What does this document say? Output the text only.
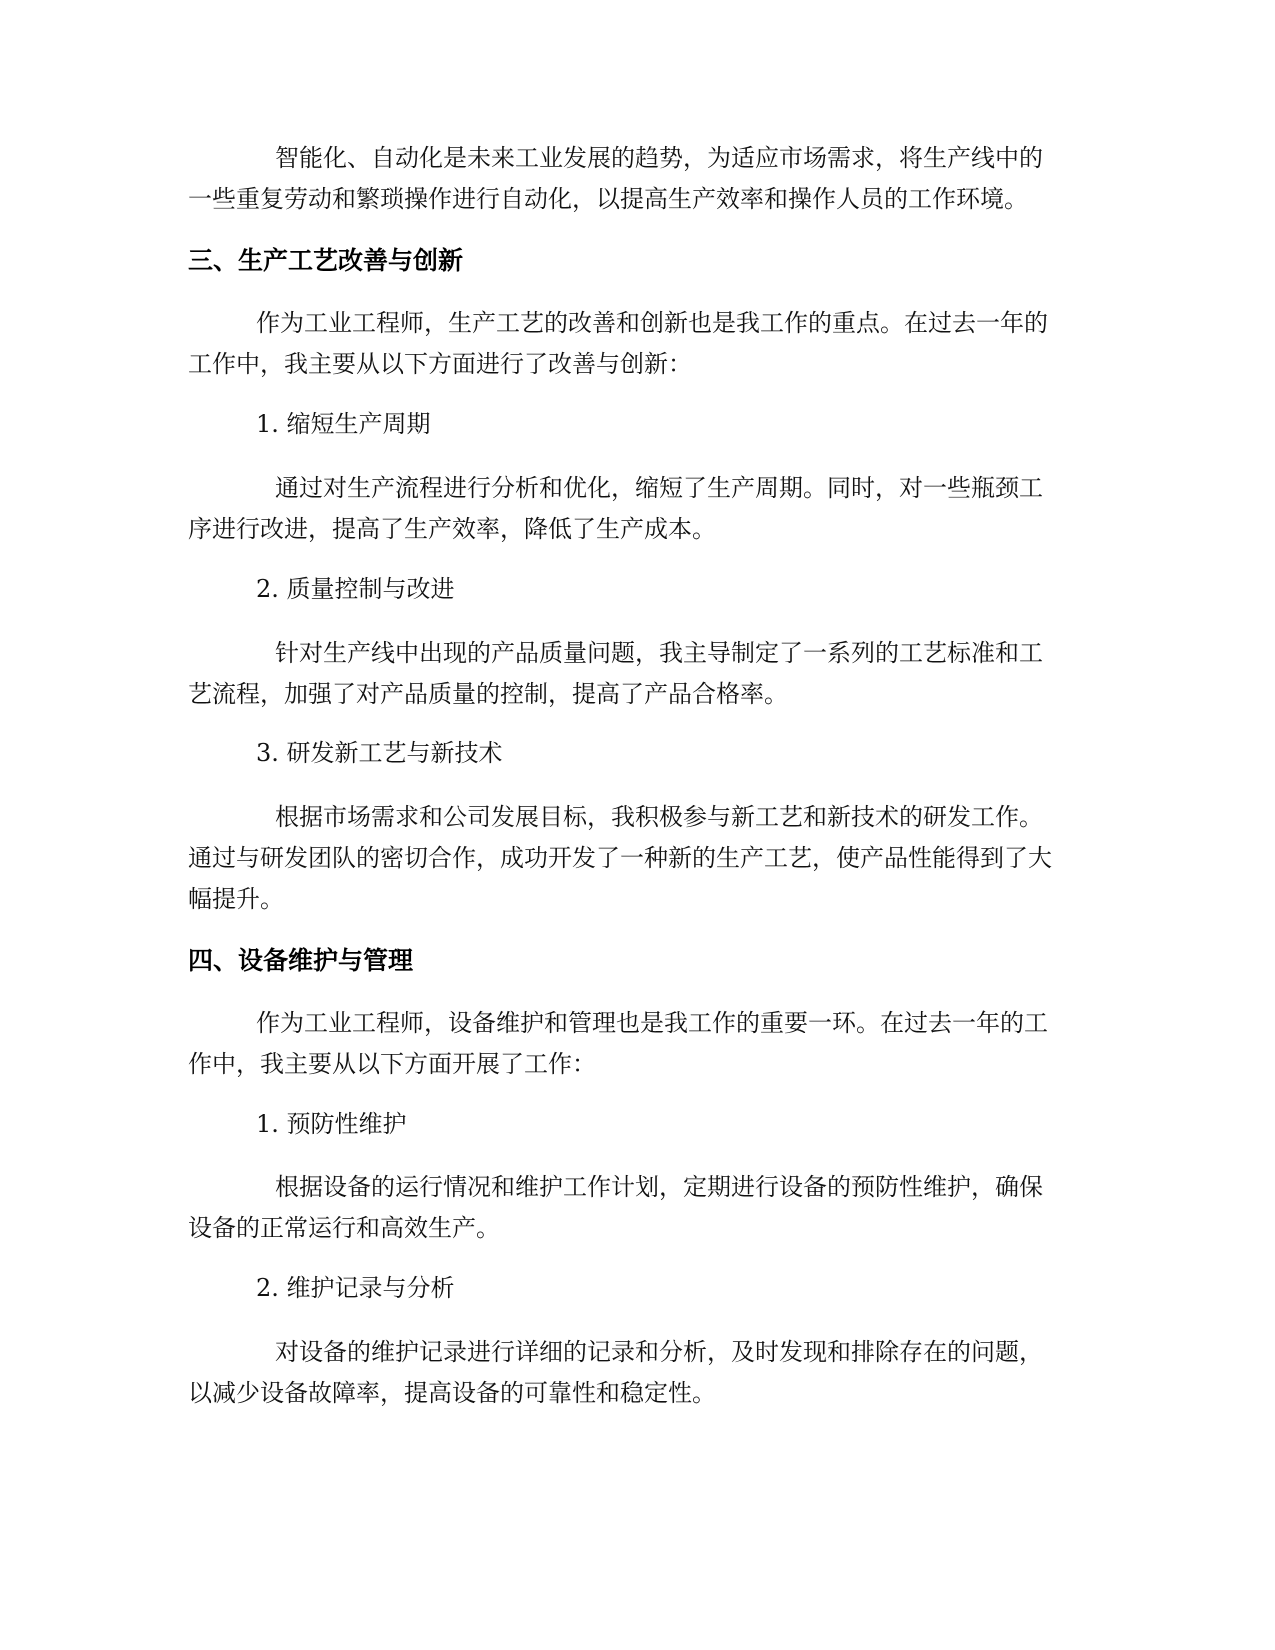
智能化、自动化是未来工业发展的趋势，为适应市场需求，将生产线中的
一些重复劳动和繁琐操作进行自动化，以提高生产效率和操作人员的工作环境。
三、生产工艺改善与创新
作为工业工程师，生产工艺的改善和创新也是我工作的重点。在过去一年的
工作中，我主要从以下方面进行了改善与创新：
1. 缩短生产周期
通过对生产流程进行分析和优化，缩短了生产周期。同时，对一些瓶颈工
序进行改进，提高了生产效率，降低了生产成本。
2. 质量控制与改进
针对生产线中出现的产品质量问题，我主导制定了一系列的工艺标准和工
艺流程，加强了对产品质量的控制，提高了产品合格率。
3. 研发新工艺与新技术
根据市场需求和公司发展目标，我积极参与新工艺和新技术的研发工作。
通过与研发团队的密切合作，成功开发了一种新的生产工艺，使产品性能得到了大
幅提升。
四、设备维护与管理
作为工业工程师，设备维护和管理也是我工作的重要一环。在过去一年的工
作中，我主要从以下方面开展了工作：
1. 预防性维护
根据设备的运行情况和维护工作计划，定期进行设备的预防性维护，确保
设备的正常运行和高效生产。
2. 维护记录与分析
对设备的维护记录进行详细的记录和分析，及时发现和排除存在的问题，
以减少设备故障率，提高设备的可靠性和稳定性。
